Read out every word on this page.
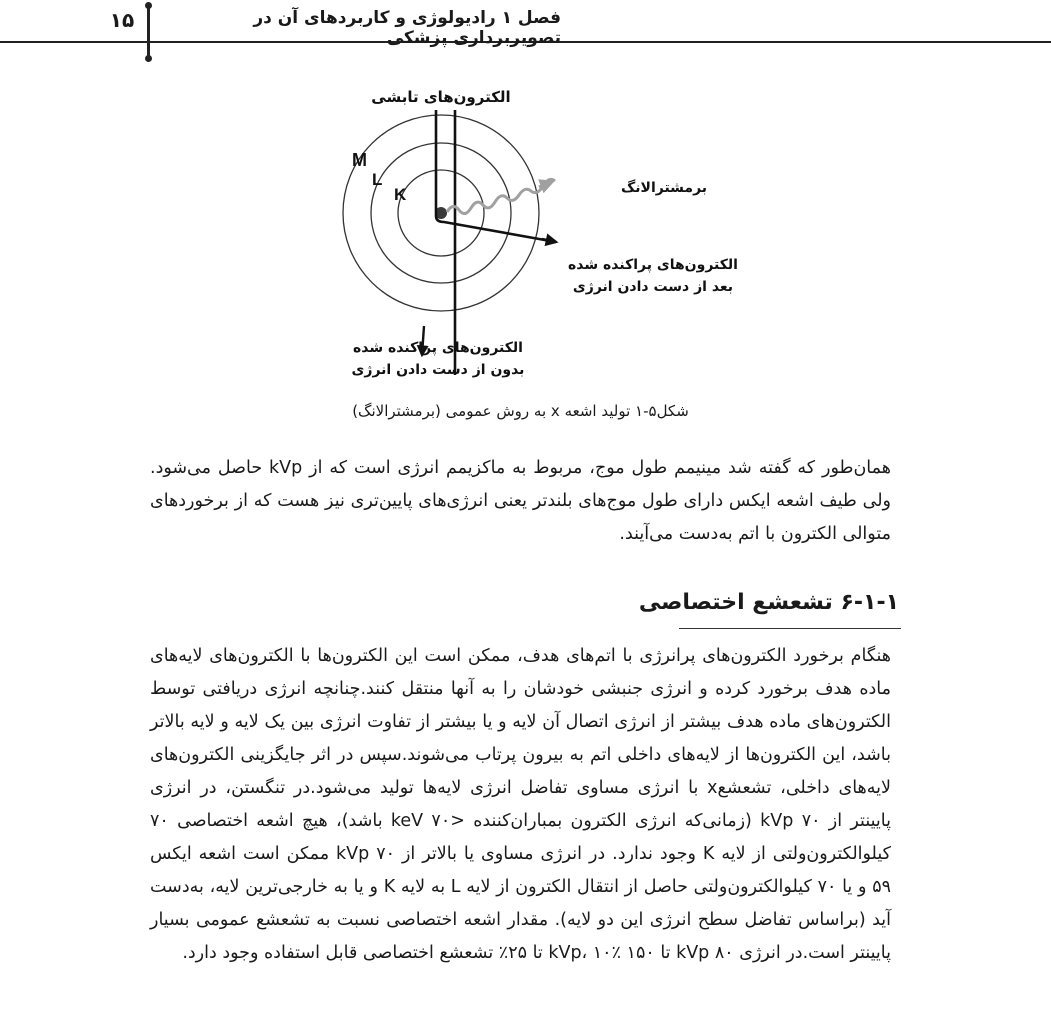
۱۵	فصل ۱ رادیولوژی و کاربردهای آن در تصویربرداری پزشکی
الکترون‌های تابشی
برمشترالانگ
الکترون‌های پراکنده شده
بعد از دست دادن انرژی
الکترون‌های پراکنده شده
بدون از دست دادن انرژی
M
L
K
شکل۵-۱ تولید اشعه x به روش عمومی (برمشترالانگ)
همان‌طور که گفته شد مینیمم طول موج، مربوط به ماکزیمم انرژی است که از kVp حاصل می‌شود. ولی طیف اشعه ایکس دارای طول موج‌های بلندتر یعنی انرژی‌های پایین‌تری نیز هست که از برخوردهای متوالی الکترون با اتم به‌دست می‌آیند.
۶-۱-۱ تشعشع اختصاصی
هنگام برخورد الکترون‌های پرانرژی با اتم‌های هدف، ممکن است این الکترون‌ها با الکترون‌های لایه‌های ماده هدف برخورد کرده و انرژی جنبشی خودشان را به آنها منتقل کنند.چنانچه انرژی دریافتی توسط الکترون‌های ماده هدف بیشتر از انرژی اتصال آن لایه و یا بیشتر از تفاوت انرژی بین یک لایه و لایه بالاتر باشد، این الکترون‌ها از لایه‌های داخلی اتم به بیرون پرتاب می‌شوند.سپس در اثر جایگزینی الکترون‌های لایه‌های داخلی، تشعشعx با انرژی مساوی تفاضل انرژی لایه‌ها تولید می‌شود.در تنگستن، در انرژی پایینتر از ۷۰ kVp (زمانی‌که انرژی الکترون بمباران‌کننده <۷۰ keV باشد)، هیچ اشعه اختصاصی ۷۰ کیلوالکترون‌ولتی از لایه K وجود ندارد. در انرژی مساوی یا بالاتر از ۷۰ kVp ممکن است اشعه ایکس ۵۹ و یا ۷۰ کیلوالکترون‌ولتی حاصل از انتقال الکترون از لایه L به لایه K و یا به خارجی‌ترین لایه، به‌دست آید (براساس تفاضل سطح انرژی این دو لایه). مقدار اشعه اختصاصی نسبت به تشعشع عمومی بسیار پایینتر است.در انرژی ۸۰ kVp تا ۱۵۰ kVp، ۱۰٪ تا ۲۵٪ تشعشع اختصاصی قابل استفاده وجود دارد.
